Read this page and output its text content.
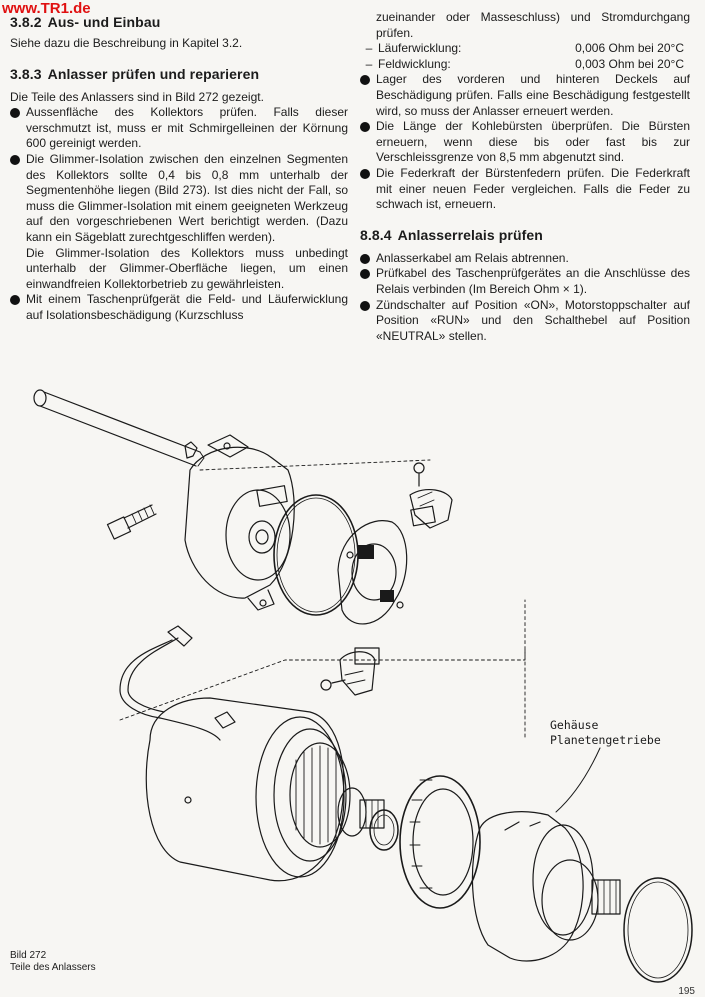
www.TR1.de
3.8.2 Aus- und Einbau

Siehe dazu die Beschreibung in Kapitel 3.2.

3.8.3 Anlasser prüfen und reparieren

Die Teile des Anlassers sind in Bild 272 gezeigt.

Aussenfläche des Kollektors prüfen. Falls dieser verschmutzt ist, muss er mit Schmirgelleinen der Körnung 600 gereinigt werden.
Die Glimmer-Isolation zwischen den einzelnen Segmenten des Kollektors sollte 0,4 bis 0,8 mm unterhalb der Segmentenhöhe liegen (Bild 273). Ist dies nicht der Fall, so muss die Glimmer-Isolation mit einem geeigneten Werkzeug auf den vorgeschriebenen Wert berichtigt werden. (Dazu kann ein Sägeblatt zurechtgeschliffen werden).

Die Glimmer-Isolation des Kollektors muss unbedingt unterhalb der Glimmer-Oberfläche liegen, um einen einwandfreien Kollektorbetrieb zu gewährleisten.

Mit einem Taschenprüfgerät die Feld- und Läuferwicklung auf Isolationsbeschädigung (Kurzschluss

zueinander oder Masseschluss) und Stromdurchgang prüfen.

– Läuferwicklung:	0,006 Ohm bei 20°C
– Feldwicklung:	0,003 Ohm bei 20°C
Lager des vorderen und hinteren Deckels auf Beschädigung prüfen. Falls eine Beschädigung festgestellt wird, so muss der Anlasser erneuert werden.
Die Länge der Kohlebürsten überprüfen. Die Bürsten erneuern, wenn diese bis oder fast bis zur Verschleissgrenze von 8,5 mm abgenutzt sind.
Die Federkraft der Bürstenfedern prüfen. Die Federkraft mit einer neuen Feder vergleichen. Falls die Feder zu schwach ist, erneuern.
8.8.4 Anlasserrelais prüfen
Anlasserkabel am Relais abtrennen.
Prüfkabel des Taschenprüfgerätes an die Anschlüsse des Relais verbinden (Im Bereich Ohm × 1).
Zündschalter auf Position «ON», Motorstoppschalter auf Position «RUN» und den Schalthebel auf Position «NEUTRAL» stellen.
Gehäuse
Planetengetriebe
Bild 272
Teile des Anlassers
195
